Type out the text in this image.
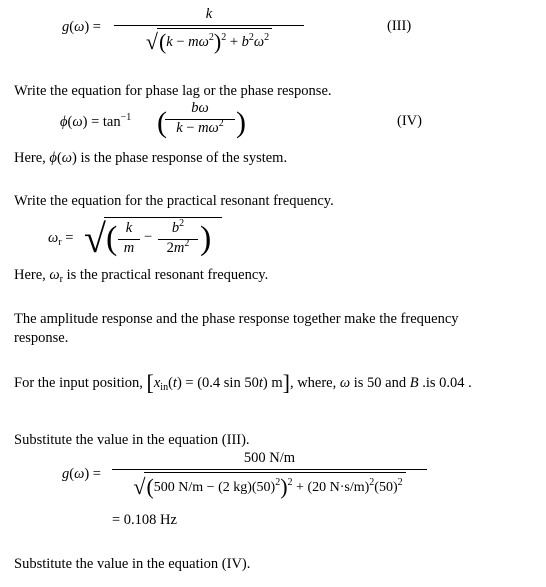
g(ω) =
k
$√(k - m\omega^2)^2 + b^2\omega^2$
(III)
Write the equation for phase lag or the phase response.
$\phi(\omega) = \tan^{-1}$ (	bω
$k - m\omega^2$ )	(IV)
Here, ϕ(ω) is the phase response of the system.
Write the equation for the practical resonant frequency.
$\omega_r$ = √ ( k
m
−
$b^2$
$2m^2$ )
Here, $\omega_r$ is the practical resonant frequency.
The amplitude response and the phase response together make the frequency
response.
For the input position, [$x_{in}(t) = (0.4$ sin 50t) m], where, ω is 50 and B .is 0.04 .
Substitute the value in the equation (III).
g(ω) =
500 N/m
√(500 N/m − (2 $kg)(50)^2)^2 + (20$ $N\cdot s/m)^2(50)^2$
= 0.108 Hz
Substitute the value in the equation (IV).
